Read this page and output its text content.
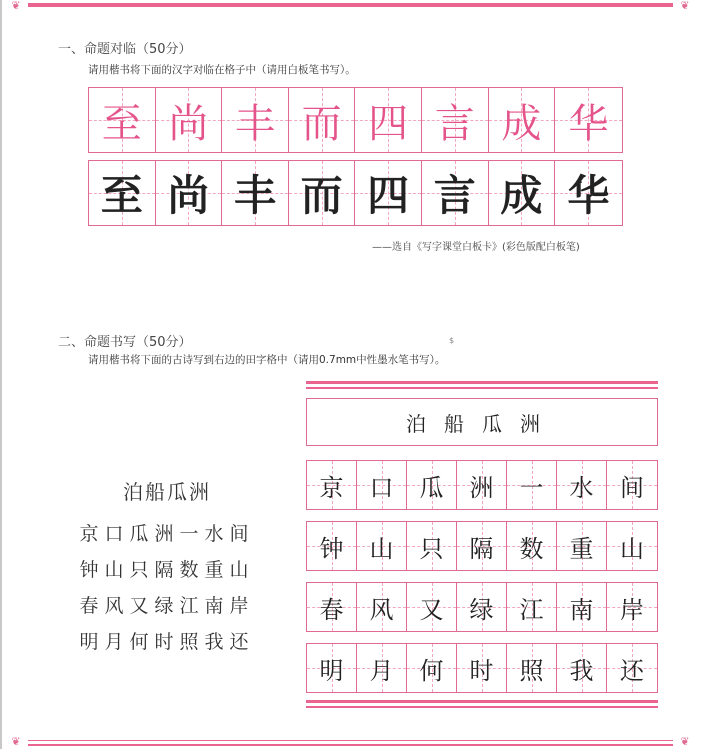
❦	❦
一、命题对临（50分）
请用楷书将下面的汉字对临在格子中（请用白板笔书写）。
至 尚 丰 而 四 言 成 华
至 尚 丰 而 四 言 成 华
——选自《写字课堂白板卡》(彩色版配白板笔)
二、命题书写（50分）	$
请用楷书将下面的古诗写到右边的田字格中（请用0.7mm中性墨水笔书写）。
泊船瓜洲
京口瓜洲一水间
钟山只隔数重山
春风又绿江南岸
明月何时照我还
泊船瓜洲
京 口 瓜 洲 一 水 间
钟 山 只 隔 数 重 山
春 风 又 绿 江 南 岸
明 月 何 时 照 我 还
❦	❦
